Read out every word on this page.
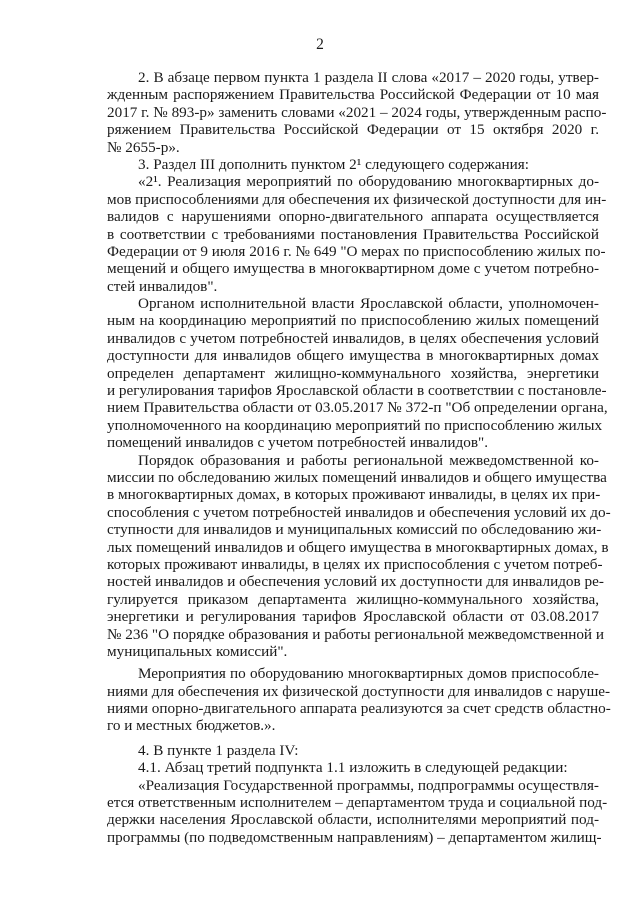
2
2. В абзаце первом пункта 1 раздела II слова «2017 – 2020 годы, утвер-
жденным распоряжением Правительства Российской Федерации от 10 мая
2017 г. № 893-р» заменить словами «2021 – 2024 годы, утвержденным распо-
ряжением Правительства Российской Федерации от 15 октября 2020 г.
№ 2655-р».
3. Раздел III дополнить пунктом 2¹ следующего содержания:
«2¹. Реализация мероприятий по оборудованию многоквартирных до-
мов приспособлениями для обеспечения их физической доступности для ин-
валидов с нарушениями опорно-двигательного аппарата осуществляется
в соответствии с требованиями постановления Правительства Российской
Федерации от 9 июля 2016 г. № 649 "О мерах по приспособлению жилых по-
мещений и общего имущества в многоквартирном доме с учетом потребно-
стей инвалидов".
Органом исполнительной власти Ярославской области, уполномочен-
ным на координацию мероприятий по приспособлению жилых помещений
инвалидов с учетом потребностей инвалидов, в целях обеспечения условий
доступности для инвалидов общего имущества в многоквартирных домах
определен департамент жилищно-коммунального хозяйства, энергетики
и регулирования тарифов Ярославской области в соответствии с постановле-
нием Правительства области от 03.05.2017 № 372-п "Об определении органа,
уполномоченного на координацию мероприятий по приспособлению жилых
помещений инвалидов с учетом потребностей инвалидов".
Порядок образования и работы региональной межведомственной ко-
миссии по обследованию жилых помещений инвалидов и общего имущества
в многоквартирных домах, в которых проживают инвалиды, в целях их при-
способления с учетом потребностей инвалидов и обеспечения условий их до-
ступности для инвалидов и муниципальных комиссий по обследованию жи-
лых помещений инвалидов и общего имущества в многоквартирных домах, в
которых проживают инвалиды, в целях их приспособления с учетом потреб-
ностей инвалидов и обеспечения условий их доступности для инвалидов ре-
гулируется приказом департамента жилищно-коммунального хозяйства,
энергетики и регулирования тарифов Ярославской области от 03.08.2017
№ 236 "О порядке образования и работы региональной межведомственной и
муниципальных комиссий".
Мероприятия по оборудованию многоквартирных домов приспособле-
ниями для обеспечения их физической доступности для инвалидов с наруше-
ниями опорно-двигательного аппарата реализуются за счет средств областно-
го и местных бюджетов.».
4. В пункте 1 раздела IV:
4.1. Абзац третий подпункта 1.1 изложить в следующей редакции:
«Реализация Государственной программы, подпрограммы осуществля-
ется ответственным исполнителем – департаментом труда и социальной под-
держки населения Ярославской области, исполнителями мероприятий под-
программы (по подведомственным направлениям) – департаментом жилищ-
